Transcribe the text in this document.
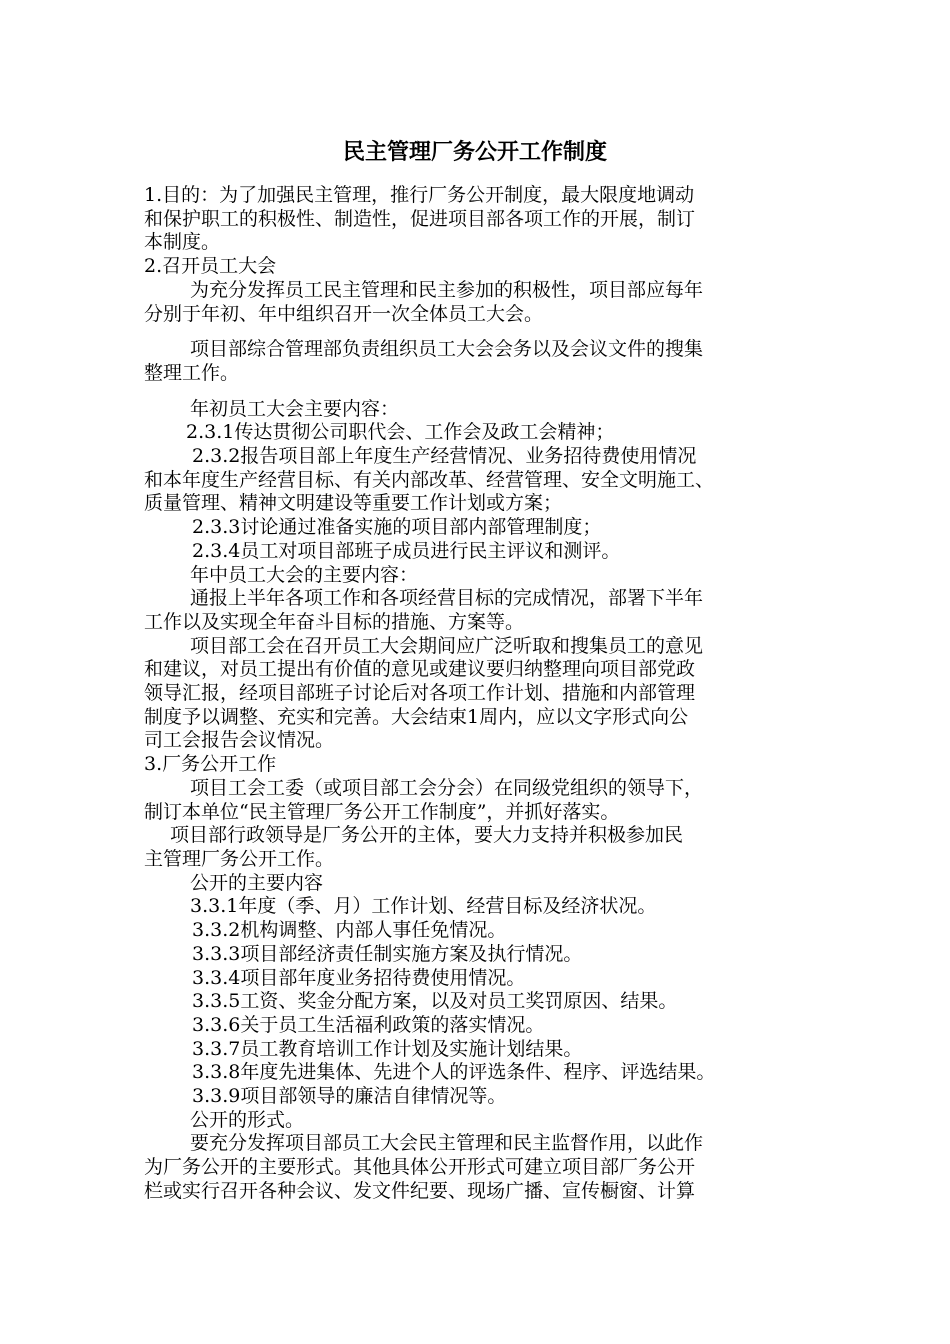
民主管理厂务公开工作制度

1.目的：为了加强民主管理，推行厂务公开制度，最大限度地调动

和保护职工的积极性、制造性，促进项目部各项工作的开展，制订

本制度。

2.召开员工大会

为充分发挥员工民主管理和民主参加的积极性，项目部应每年

分别于年初、年中组织召开一次全体员工大会。

项目部综合管理部负责组织员工大会会务以及会议文件的搜集

整理工作。

年初员工大会主要内容：

2.3.1传达贯彻公司职代会、工作会及政工会精神；

2.3.2报告项目部上年度生产经营情况、业务招待费使用情况

和本年度生产经营目标、有关内部改革、经营管理、安全文明施工、

质量管理、精神文明建设等重要工作计划或方案；

2.3.3讨论通过准备实施的项目部内部管理制度；

2.3.4员工对项目部班子成员进行民主评议和测评。

年中员工大会的主要内容：

通报上半年各项工作和各项经营目标的完成情况，部署下半年

工作以及实现全年奋斗目标的措施、方案等。

项目部工会在召开员工大会期间应广泛听取和搜集员工的意见

和建议，对员工提出有价值的意见或建议要归纳整理向项目部党政

领导汇报，经项目部班子讨论后对各项工作计划、措施和内部管理

制度予以调整、充实和完善。大会结束1周内，应以文字形式向公

司工会报告会议情况。

3.厂务公开工作

项目工会工委（或项目部工会分会）在同级党组织的领导下，

制订本单位“民主管理厂务公开工作制度”，并抓好落实。

项目部行政领导是厂务公开的主体，要大力支持并积极参加民

主管理厂务公开工作。

公开的主要内容

3.3.1年度（季、月）工作计划、经营目标及经济状况。

3.3.2机构调整、内部人事任免情况。

3.3.3项目部经济责任制实施方案及执行情况。

3.3.4项目部年度业务招待费使用情况。

3.3.5工资、奖金分配方案，以及对员工奖罚原因、结果。

3.3.6关于员工生活福利政策的落实情况。

3.3.7员工教育培训工作计划及实施计划结果。

3.3.8年度先进集体、先进个人的评选条件、程序、评选结果。

3.3.9项目部领导的廉洁自律情况等。

公开的形式。

要充分发挥项目部员工大会民主管理和民主监督作用，以此作

为厂务公开的主要形式。其他具体公开形式可建立项目部厂务公开

栏或实行召开各种会议、发文件纪要、现场广播、宣传橱窗、计算
